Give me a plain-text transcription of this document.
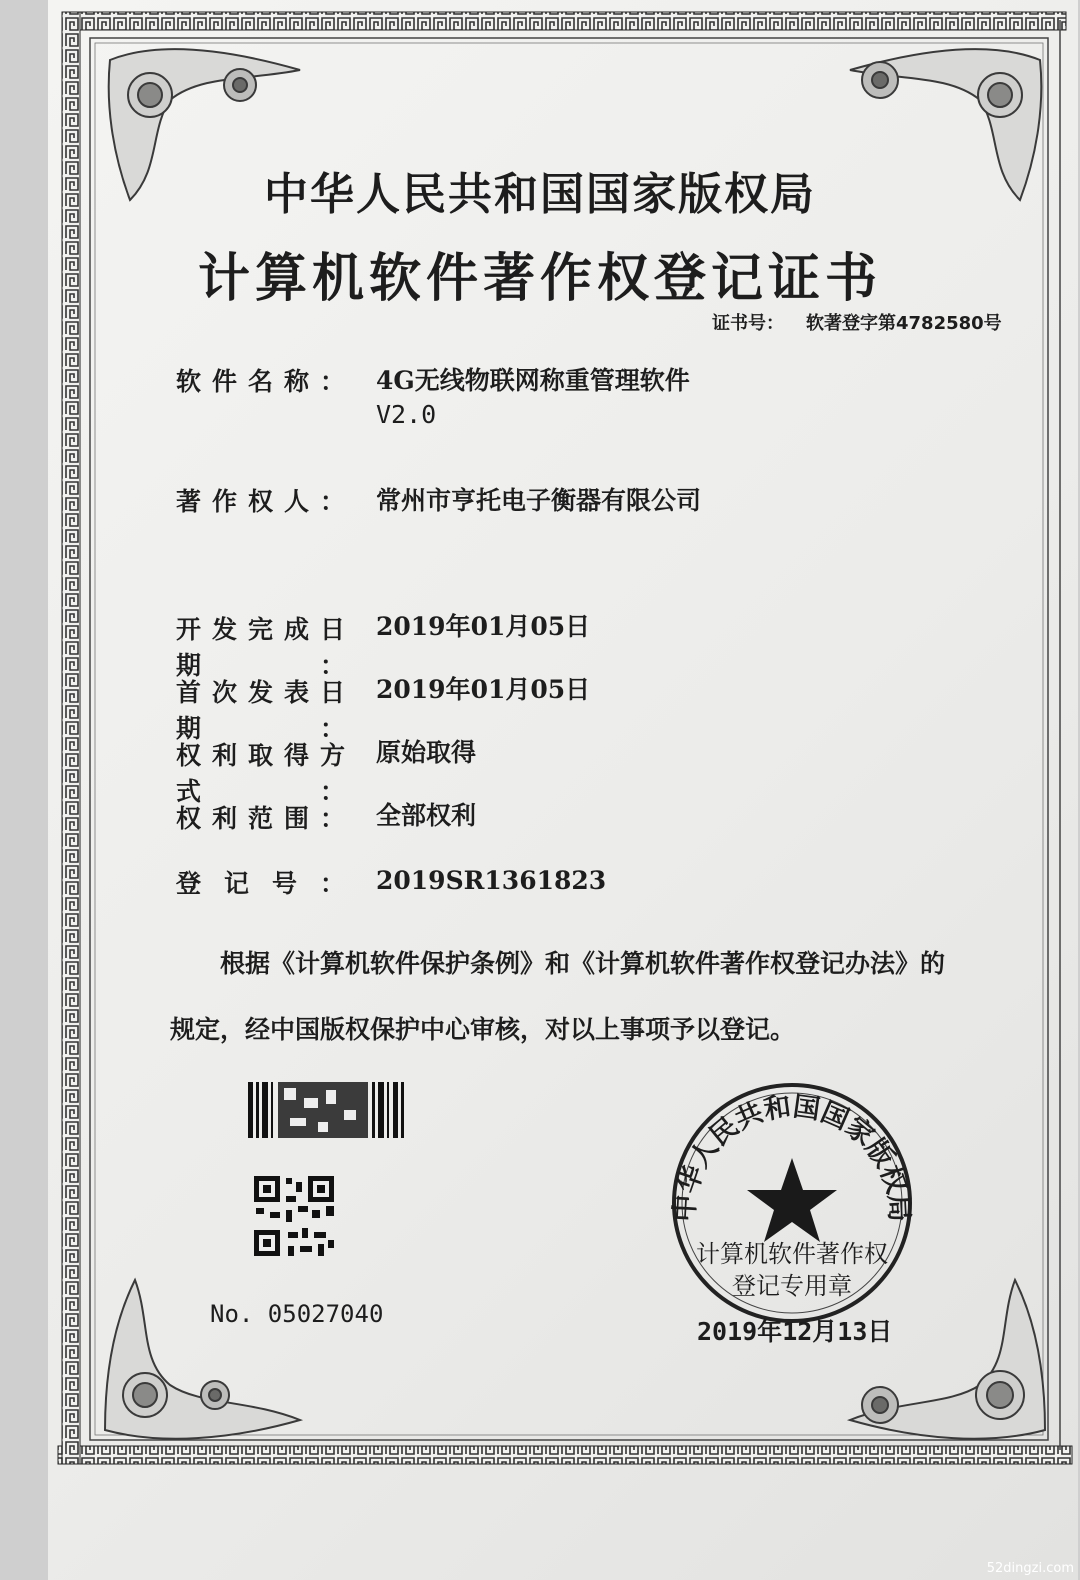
中华人民共和国国家版权局
计算机软件著作权
登记专用章
中华人民共和国国家版权局
计算机软件著作权登记证书
证书号： 软著登字第4782580号
软件名称： 4G无线物联网称重管理软件
V2.0
著作权人： 常州市亨托电子衡器有限公司
开发完成日期：
2019年01月05日
首次发表日期：
2019年01月05日
权利取得方式：
原始取得
权利范围： 全部权利
登记号： 2019SR1361823
根据《计算机软件保护条例》和《计算机软件著作权登记办法》的
规定，经中国版权保护中心审核，对以上事项予以登记。
No. 05027040
2019年12月13日
52dingzi.com
